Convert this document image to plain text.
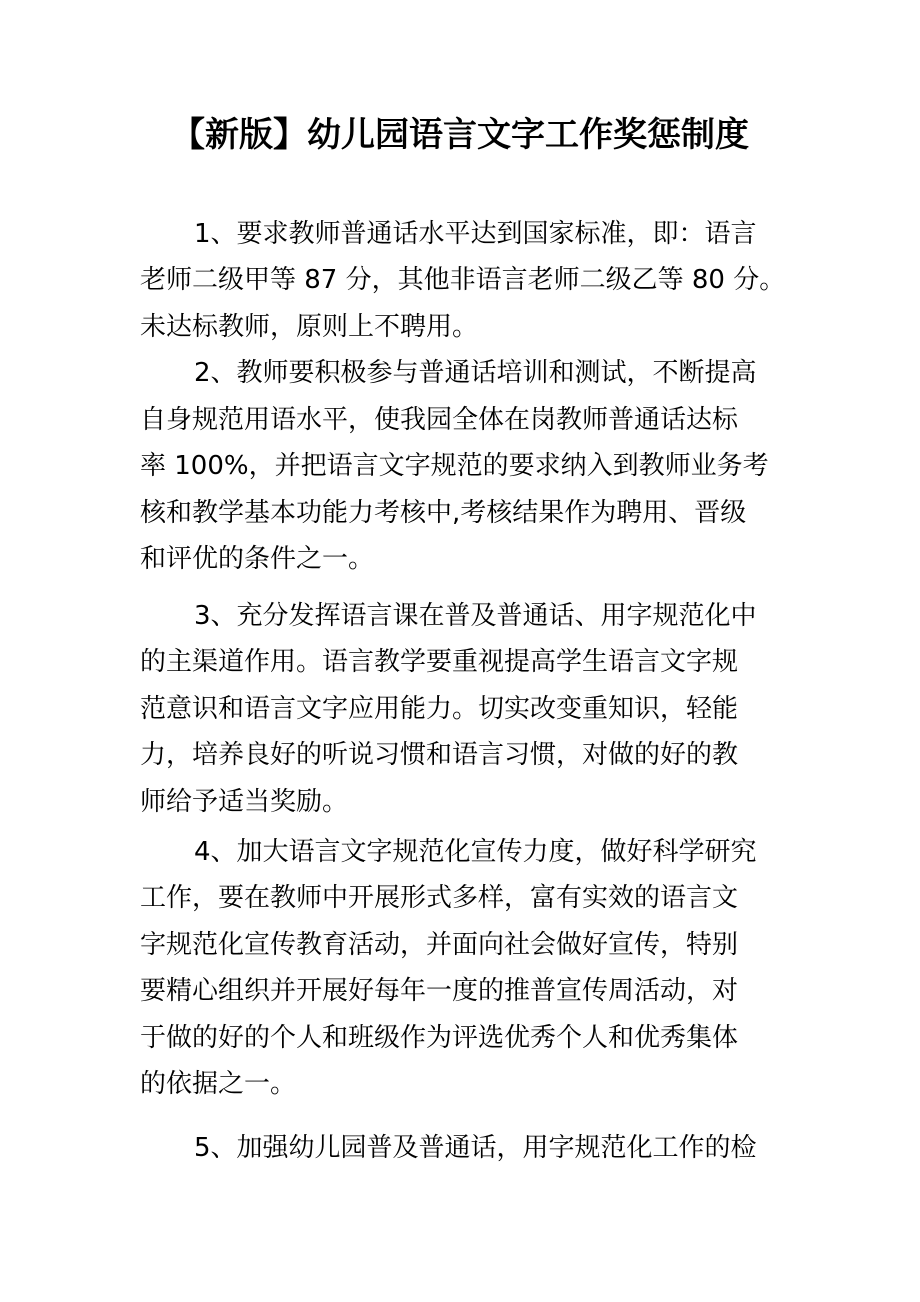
【新版】幼儿园语言文字工作奖惩制度
1、要求教师普通话水平达到国家标准，即：语言
老师二级甲等 87 分，其他非语言老师二级乙等 80 分。
未达标教师，原则上不聘用。
2、教师要积极参与普通话培训和测试，不断提高
自身规范用语水平，使我园全体在岗教师普通话达标
率 100%，并把语言文字规范的要求纳入到教师业务考
核和教学基本功能力考核中,考核结果作为聘用、晋级
和评优的条件之一。
3、充分发挥语言课在普及普通话、用字规范化中
的主渠道作用。语言教学要重视提高学生语言文字规
范意识和语言文字应用能力。切实改变重知识，轻能
力，培养良好的听说习惯和语言习惯，对做的好的教
师给予适当奖励。
4、加大语言文字规范化宣传力度，做好科学研究
工作，要在教师中开展形式多样，富有实效的语言文
字规范化宣传教育活动，并面向社会做好宣传，特别
要精心组织并开展好每年一度的推普宣传周活动，对
于做的好的个人和班级作为评选优秀个人和优秀集体
的依据之一。
5、加强幼儿园普及普通话，用字规范化工作的检
